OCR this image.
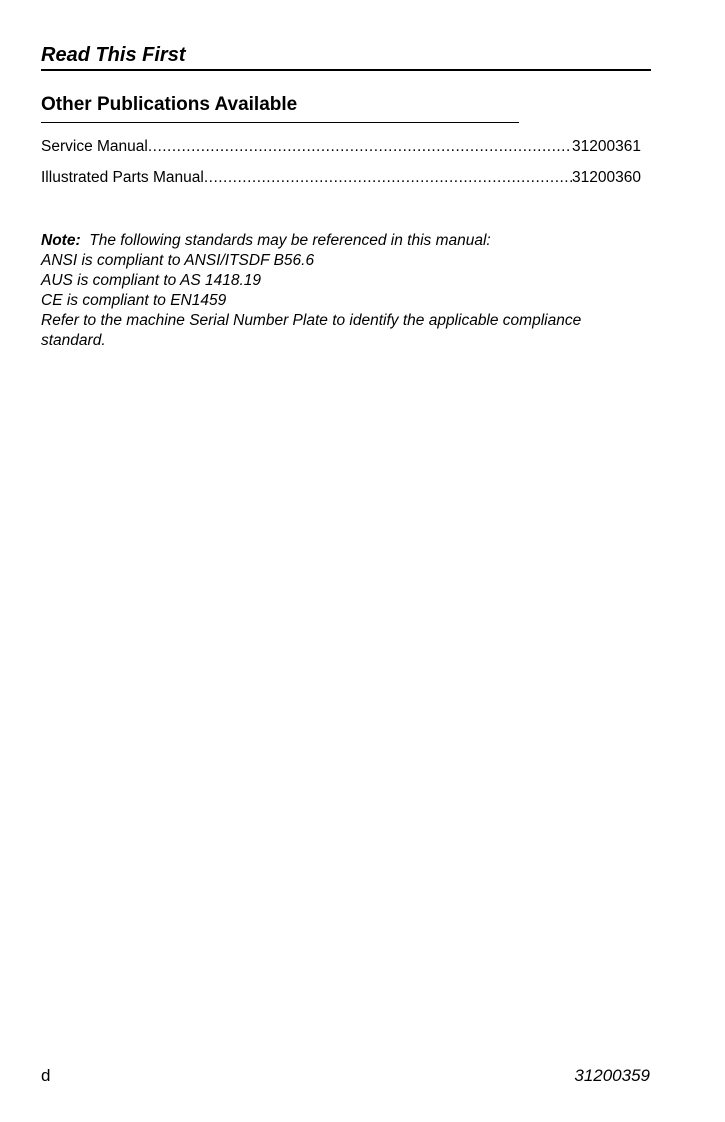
Read This First
Other Publications Available
Service Manual .....	31200361
Illustrated Parts Manual .....	31200360
Note: The following standards may be referenced in this manual:
ANSI is compliant to ANSI/ITSDF B56.6
AUS is compliant to AS 1418.19
CE is compliant to EN1459
Refer to the machine Serial Number Plate to identify the applicable compliance
standard.
d	31200359
